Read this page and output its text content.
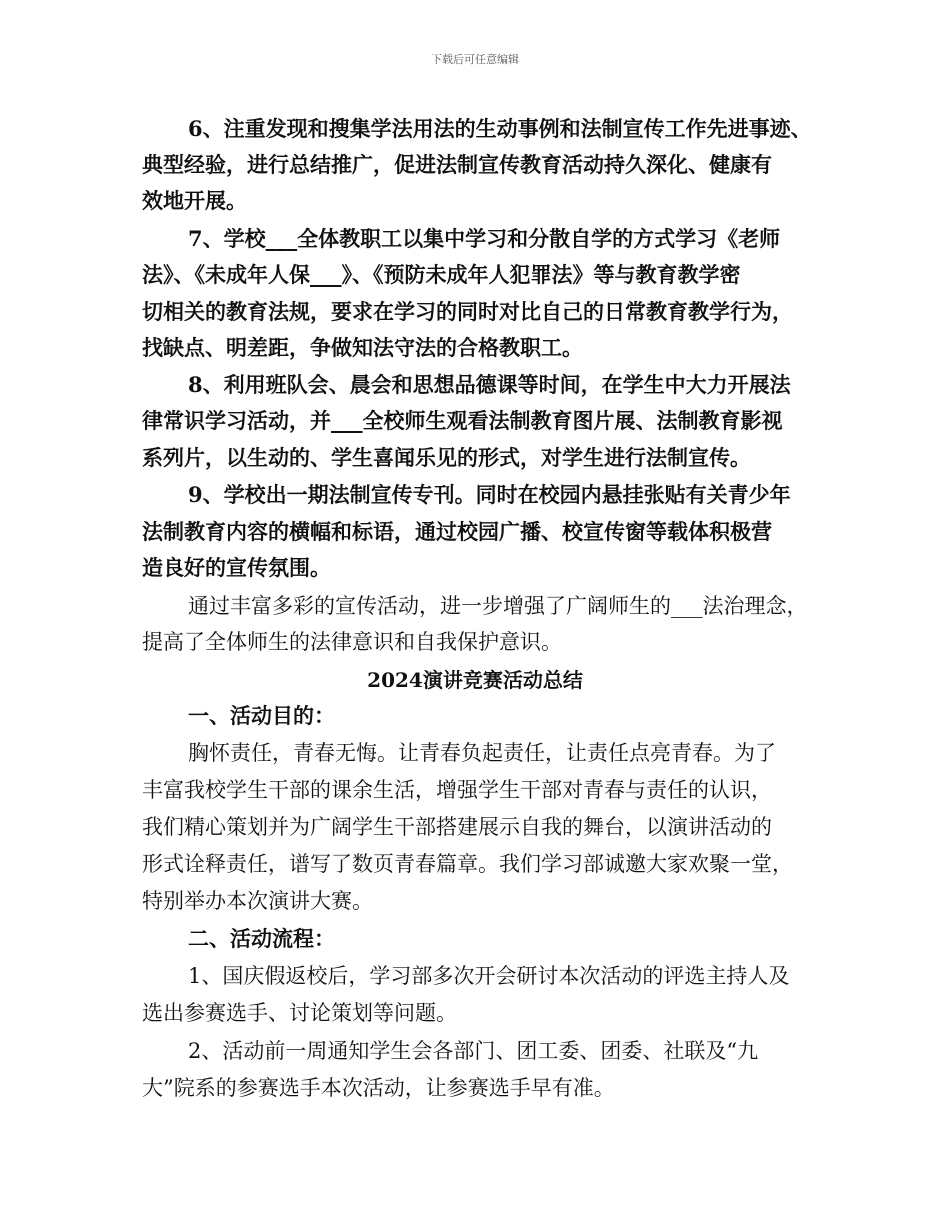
下载后可任意编辑
6、注重发现和搜集学法用法的生动事例和法制宣传工作先进事迹、
典型经验，进行总结推广，促进法制宣传教育活动持久深化、健康有
效地开展。
7、学校___全体教职工以集中学习和分散自学的方式学习《老师
法》、《未成年人保___》、《预防未成年人犯罪法》等与教育教学密
切相关的教育法规，要求在学习的同时对比自己的日常教育教学行为，
找缺点、明差距，争做知法守法的合格教职工。
8、利用班队会、晨会和思想品德课等时间，在学生中大力开展法
律常识学习活动，并___全校师生观看法制教育图片展、法制教育影视
系列片，以生动的、学生喜闻乐见的形式，对学生进行法制宣传。
9、学校出一期法制宣传专刊。同时在校园内悬挂张贴有关青少年
法制教育内容的横幅和标语，通过校园广播、校宣传窗等载体积极营
造良好的宣传氛围。
通过丰富多彩的宣传活动，进一步增强了广阔师生的___法治理念，
提高了全体师生的法律意识和自我保护意识。
2024演讲竞赛活动总结
一、活动目的：
胸怀责任，青春无悔。让青春负起责任，让责任点亮青春。为了
丰富我校学生干部的课余生活，增强学生干部对青春与责任的认识，
我们精心策划并为广阔学生干部搭建展示自我的舞台，以演讲活动的
形式诠释责任，谱写了数页青春篇章。我们学习部诚邀大家欢聚一堂，
特别举办本次演讲大赛。
二、活动流程：
1、国庆假返校后，学习部多次开会研讨本次活动的评选主持人及
选出参赛选手、讨论策划等问题。
2、活动前一周通知学生会各部门、团工委、团委、社联及“九
大”院系的参赛选手本次活动，让参赛选手早有准。
